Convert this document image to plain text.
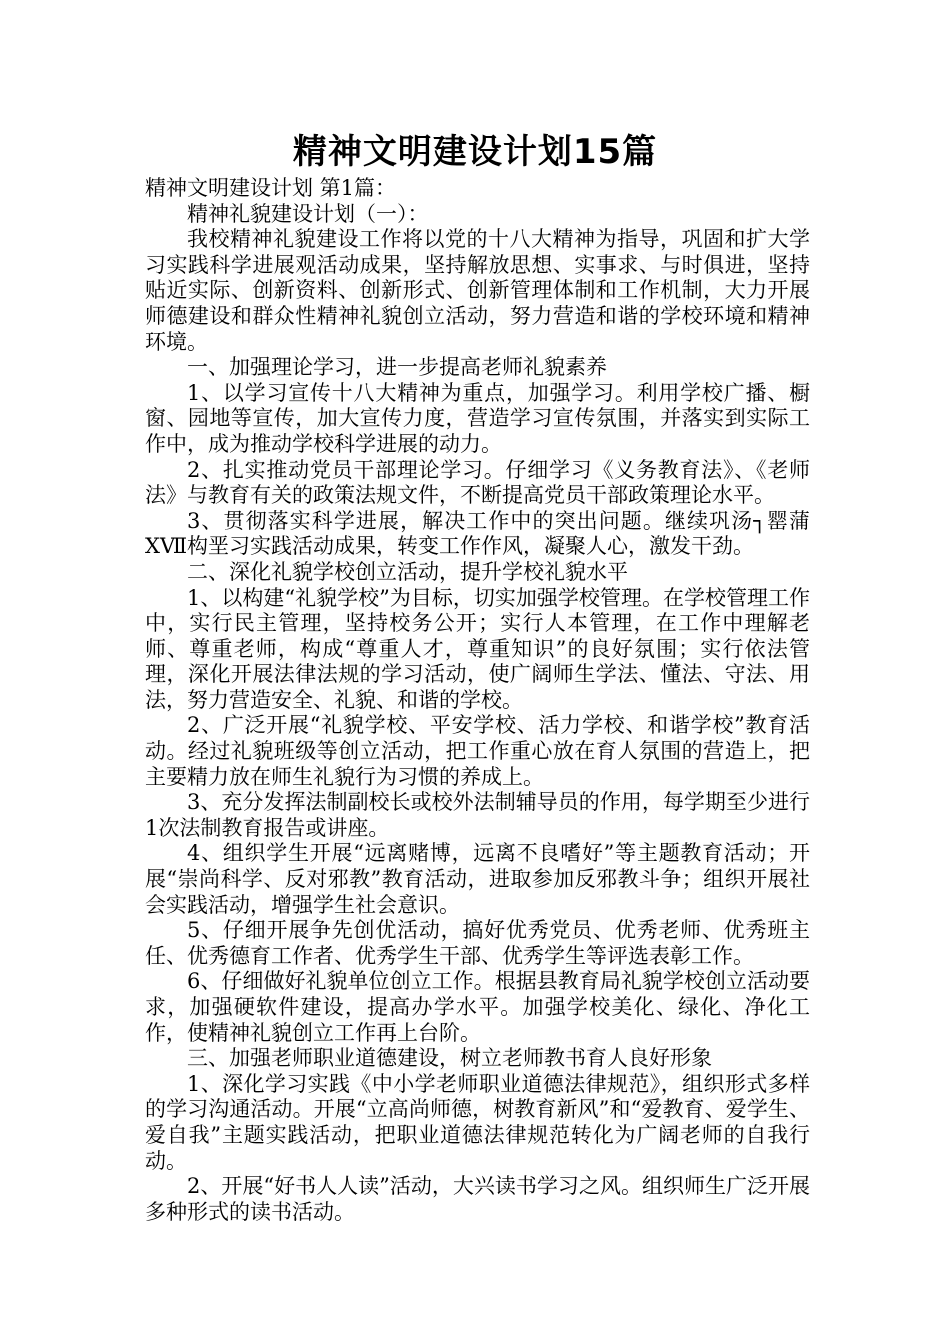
精神文明建设计划15篇

精神文明建设计划 第1篇：

精神礼貌建设计划（一）：

我校精神礼貌建设工作将以党的十八大精神为指导，巩固和扩大学习实践科学进展观活动成果，坚持解放思想、实事求、与时俱进，坚持贴近实际、创新资料、创新形式、创新管理体制和工作机制，大力开展师德建设和群众性精神礼貌创立活动，努力营造和谐的学校环境和精神环境。

一、加强理论学习，进一步提高老师礼貌素养

1、以学习宣传十八大精神为重点，加强学习。利用学校广播、橱窗、园地等宣传，加大宣传力度，营造学习宣传氛围，并落实到实际工作中，成为推动学校科学进展的动力。

2、扎实推动党员干部理论学习。仔细学习《义务教育法》、《老师法》与教育有关的政策法规文件，不断提高党员干部政策理论水平。

3、贯彻落实科学进展，解决工作中的突出问题。继续巩汤┐罂蒲ⅩⅦ构垩习实践活动成果，转变工作作风，凝聚人心，激发干劲。

二、深化礼貌学校创立活动，提升学校礼貌水平

1、以构建“礼貌学校”为目标，切实加强学校管理。在学校管理工作中，实行民主管理，坚持校务公开；实行人本管理，在工作中理解老师、尊重老师，构成“尊重人才，尊重知识”的良好氛围；实行依法管理，深化开展法律法规的学习活动，使广阔师生学法、懂法、守法、用法，努力营造安全、礼貌、和谐的学校。

2、广泛开展“礼貌学校、平安学校、活力学校、和谐学校”教育活动。经过礼貌班级等创立活动，把工作重心放在育人氛围的营造上，把主要精力放在师生礼貌行为习惯的养成上。

3、充分发挥法制副校长或校外法制辅导员的作用，每学期至少进行1次法制教育报告或讲座。

4、组织学生开展“远离赌博，远离不良嗜好”等主题教育活动；开展“崇尚科学、反对邪教”教育活动，进取参加反邪教斗争；组织开展社会实践活动，增强学生社会意识。

5、仔细开展争先创优活动，搞好优秀党员、优秀老师、优秀班主任、优秀德育工作者、优秀学生干部、优秀学生等评选表彰工作。

6、仔细做好礼貌单位创立工作。根据县教育局礼貌学校创立活动要求，加强硬软件建设，提高办学水平。加强学校美化、绿化、净化工作，使精神礼貌创立工作再上台阶。

三、加强老师职业道德建设，树立老师教书育人良好形象

1、深化学习实践《中小学老师职业道德法律规范》，组织形式多样的学习沟通活动。开展“立高尚师德，树教育新风”和“爱教育、爱学生、爱自我”主题实践活动，把职业道德法律规范转化为广阔老师的自我行动。

2、开展“好书人人读”活动，大兴读书学习之风。组织师生广泛开展多种形式的读书活动。
